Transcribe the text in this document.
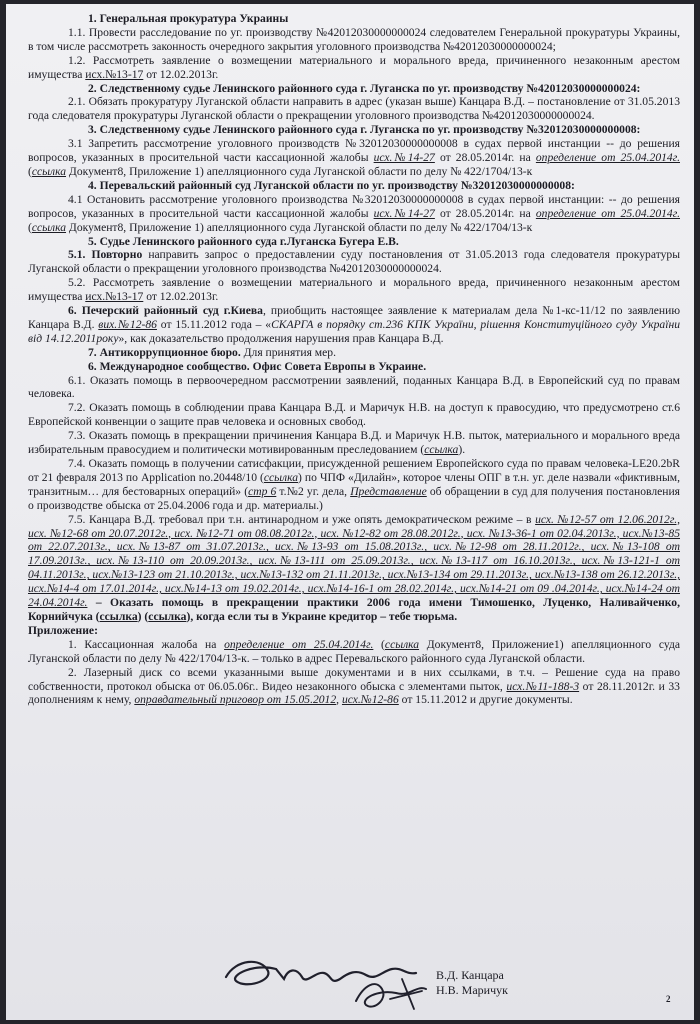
1. Генеральная прокуратура Украины

1.1. Провести расследование по уг. производству №42012030000000024 следователем Генеральной прокуратуры Украины, в том числе рассмотреть законность очередного закрытия уголовного производства №42012030000000024;

1.2. Рассмотреть заявление о возмещении материального и морального вреда, причиненного незаконным арестом имущества исх.№13-17 от 12.02.2013г.

2. Следственному судье Ленинского районного суда г. Луганска по уг. производству №42012030000000024:

2.1. Обязать прокуратуру Луганской области направить в адрес (указан выше) Канцара В.Д. – постановление от 31.05.2013 года следователя прокуратуры Луганской области о прекращении уголовного производства №42012030000000024.

3. Следственному судье Ленинского районного суда г. Луганска по уг. производству №32012030000000008:

3.1 Запретить рассмотрение уголовного производств №32012030000000008 в судах первой инстанции -- до решения вопросов, указанных в просительной части кассационной жалобы исх.№14-27 от 28.05.2014г. на определение от 25.04.2014г. (ссылка Документ8, Приложение 1) апелляционного суда Луганской области по делу № 422/1704/13-к

4. Перевальский районный суд Луганской области по уг. производству №32012030000000008:

4.1 Остановить рассмотрение уголовного производства №32012030000000008 в судах первой инстанции: -- до решения вопросов, указанных в просительной части кассационной жалобы исх.№14-27 от 28.05.2014г. на определение от 25.04.2014г. (ссылка Документ8, Приложение 1) апелляционного суда Луганской области по делу № 422/1704/13-к

5. Судье Ленинского районного суда г.Луганска Бугера Е.В.

5.1. Повторно направить запрос о предоставлении суду постановления от 31.05.2013 года следователя прокуратуры Луганской области о прекращении уголовного производства №42012030000000024.

5.2. Рассмотреть заявление о возмещении материального и морального вреда, причиненного незаконным арестом имущества исх.№13-17 от 12.02.2013г.

6. Печерский районный суд г.Киева, приобщить настоящее заявление к материалам дела №1-кс-11/12 по заявлению Канцара В.Д. вих.№12-86 от 15.11.2012 года – «СКАРГА в порядку ст.236 КПК України, рішення Конституційного суду України від 14.12.2011року», как доказательство продолжения нарушения прав Канцара В.Д.

7. Антикоррупционное бюро. Для принятия мер.

6. Международное сообщество. Офис Совета Европы в Украине.

6.1. Оказать помощь в первоочередном рассмотрении заявлений, поданных Канцара В.Д. в Европейский суд по правам человека.

7.2. Оказать помощь в соблюдении права Канцара В.Д. и Маричук Н.В. на доступ к правосудию, что предусмотрено ст.6 Европейской конвенции о защите прав человека и основных свобод.

7.3. Оказать помощь в прекращении причинения Канцара В.Д. и Маричук Н.В. пыток, материального и морального вреда избирательным правосудием и политически мотивированным преследованием (ссылка).

7.4. Оказать помощь в получении сатисфакции, присужденной решением Европейского суда по правам человека-LE20.2bR от 21 февраля 2013 по Application no.20448/10 (ссылка) по ЧПФ «Дилайн», которое члены ОПГ в т.н. уг. деле назвали «фиктивным, транзитным… для бестоварных операций» (стр 6 т.№2 уг. дела, Представление об обращении в суд для получения постановления о производстве обыска от 25.04.2006 года и др. материалы.)

7.5. Канцара В.Д. требовал при т.н. антинародном и уже опять демократическом режиме – в исх. №12-57 от 12.06.2012г., исх. №12-68 от 20.07.2012г., исх. №12-71 от 08.08.2012г., исх. №12-82 от 28.08.2012г., исх. №13-36-1 от 02.04.2013г., исх.№13-85 от 22.07.2013г., исх.№13-87 от 31.07.2013г., исх.№13-93 от 15.08.2013г., исх.№12-98 от 28.11.2012г., исх.№13-108 от 17.09.2013г., исх.№13-110 от 20.09.2013г., исх.№13-111 от 25.09.2013г., исх.№13-117 от 16.10.2013г., исх.№13-121-1 от 04.11.2013г., исх.№13-123 от 21.10.2013г., исх.№13-132 от 21.11.2013г., исх.№13-134 от 29.11.2013г., исх.№13-138 от 26.12.2013г., исх.№14-4 от 17.01.2014г., исх.№14-13 от 19.02.2014г., исх.№14-16-1 от 28.02.2014г., исх.№14-21 от 09 .04.2014г., исх.№14-24 от 24.04.2014г. – Оказать помощь в прекращении практики 2006 года имени Тимошенко, Луценко, Наливайченко, Корнийчука (ссылка) (ссылка), когда если ты в Украине кредитор – тебе тюрьма.

Приложение:

1. Кассационная жалоба на определение от 25.04.2014г. (ссылка Документ8, Приложение1) апелляционного суда Луганской области по делу № 422/1704/13-к. – только в адрес Перевальского районного суда Луганской области.

2. Лазерный диск со всеми указанными выше документами и в них ссылками, в т.ч. – Решение суда на право собственности, протокол обыска от 06.05.06г.. Видео незаконного обыска с элементами пыток, исх.№11-188-3 от 28.11.2012г. и 33 дополнениям к нему, оправдательный приговор от 15.05.2012, исх.№12-86 от 15.11.2012 и другие документы.

В.Д. Канцара
Н.В. Маричук
2
